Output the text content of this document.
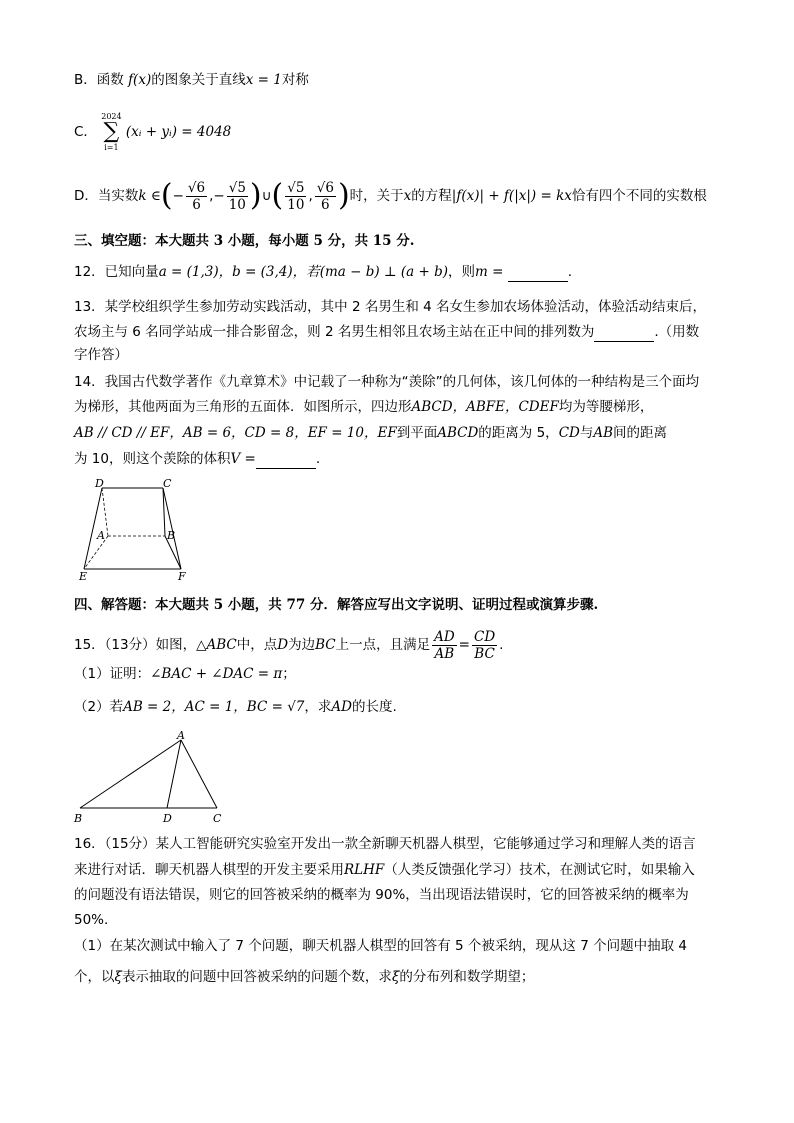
B．函数 f(x)的图象关于直线x = 1对称
C．
2024
∑
i=1
(xᵢ + yᵢ) = 4048
D．当实数k ∈(− $\frac{√6}{6}$ ,− $\frac{√5}{10}$ )∪( $\frac{√5}{10}$ , $\frac{√6}{6}$ )时，关于x的方程|f(x)| + f(|x|) = kx恰有四个不同的实数根
三、填空题：本大题共 3 小题，每小题 5 分，共 15 分.
12．已知向量a = (1,3)，b = (3,4)，若(ma − b) ⊥ (a + b)，则m =	.
13．某学校组织学生参加劳动实践活动，其中 2 名男生和 4 名女生参加农场体验活动，体验活动结束后，
农场主与 6 名同学站成一排合影留念，则 2 名男生相邻且农场主站在正中间的排列数为	.（用数
字作答）
14．我国古代数学著作《九章算术》中记载了一种称为“羡除”的几何体，该几何体的一种结构是三个面均
为梯形，其他两面为三角形的五面体．如图所示，四边形ABCD，ABFE，CDEF均为等腰梯形，
AB // CD // EF，AB = 6，CD = 8，EF = 10，EF到平面ABCD的距离为 5，CD与AB间的距离
为 10，则这个羡除的体积V =	.
D	C
A	B
E	F
四、解答题：本大题共 5 小题，共 77 分．解答应写出文字说明、证明过程或演算步骤.
15．（13分）如图，△ABC中，点D为边BC上一点，且满足 $\frac{AD}{AB} = \frac{CD}{BC}$ .
（1）证明：∠BAC + ∠DAC = π；
（2）若AB = 2，AC = 1，BC = √7，求AD的长度.
A
B	D	C
16．（15分）某人工智能研究实验室开发出一款全新聊天机器人棋型，它能够通过学习和理解人类的语言
来进行对话．聊天机器人棋型的开发主要采用RLHF（人类反馈强化学习）技术，在测试它时，如果输入
的问题没有语法错误，则它的回答被采纳的概率为 90%，当出现语法错误时，它的回答被采纳的概率为
50%.
（1）在某次测试中输入了 7 个问题，聊天机器人棋型的回答有 5 个被采纳，现从这 7 个问题中抽取 4
个，以ξ表示抽取的问题中回答被采纳的问题个数，求ξ的分布列和数学期望；
